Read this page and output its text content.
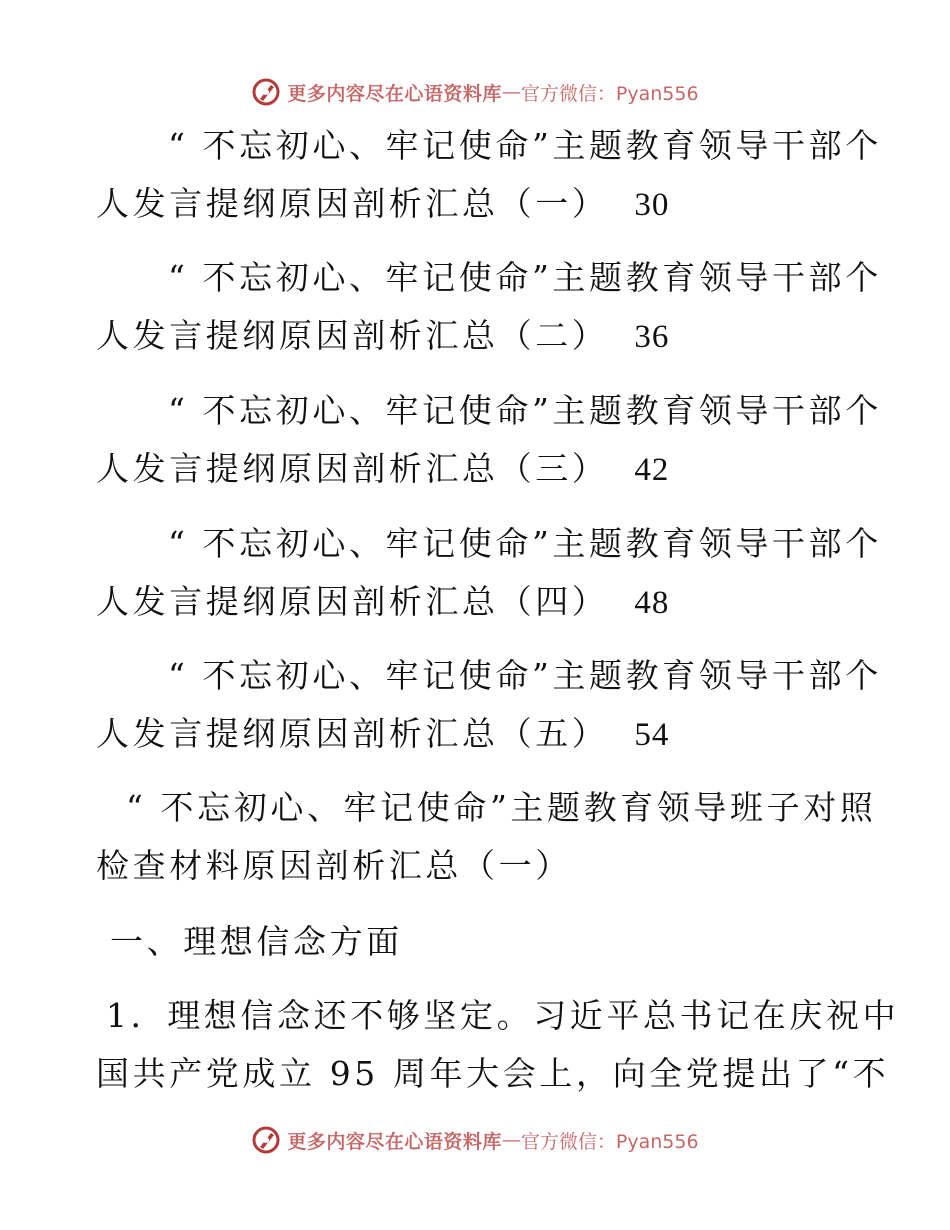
更多内容尽在心语资料库 — 官方微信：Pyan556
“ 不忘初心、牢记使命”主题教育领导干部个
人发言提纲原因剖析汇总（一） 30
“ 不忘初心、牢记使命”主题教育领导干部个
人发言提纲原因剖析汇总（二） 36
“ 不忘初心、牢记使命”主题教育领导干部个
人发言提纲原因剖析汇总（三） 42
“ 不忘初心、牢记使命”主题教育领导干部个
人发言提纲原因剖析汇总（四） 48
“ 不忘初心、牢记使命”主题教育领导干部个
人发言提纲原因剖析汇总（五） 54
“ 不忘初心、牢记使命”主题教育领导班子对照
检查材料原因剖析汇总（一）
一、理想信念方面
1．理想信念还不够坚定。习近平总书记在庆祝中
国共产党成立 95 周年大会上，向全党提出了“不
更多内容尽在心语资料库 — 官方微信：Pyan556
